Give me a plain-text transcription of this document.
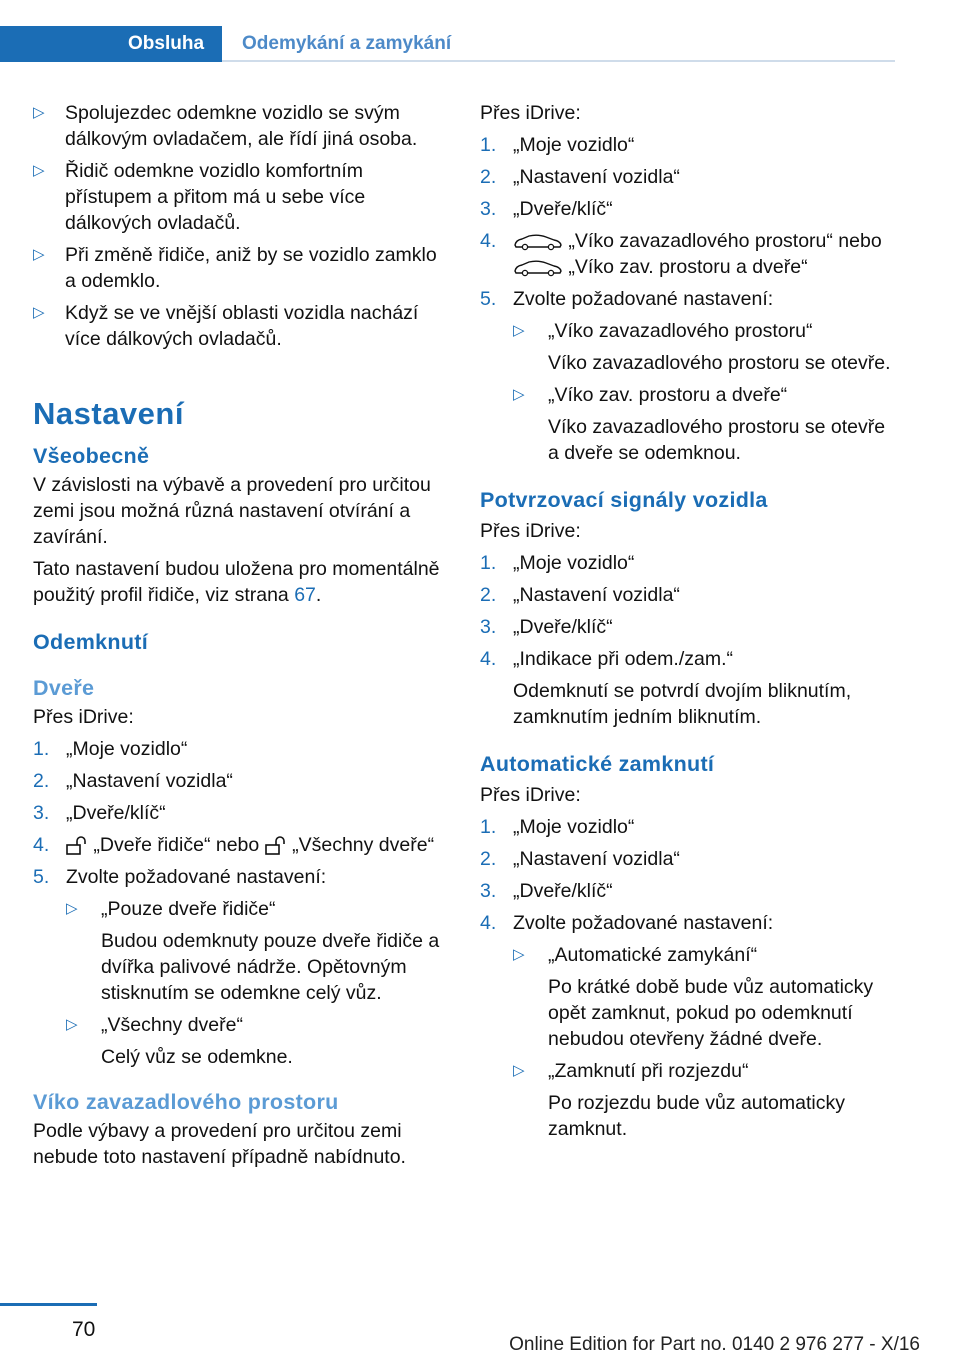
Obsluha	Odemykání a zamykání
▷ Spolujezdec odemkne vozidlo se svým dálkovým ovladačem, ale řídí jiná osoba.
▷ Řidič odemkne vozidlo komfortním přístupem a přitom má u sebe více dálkových ovladačů.
▷ Při změně řidiče, aniž by se vozidlo zamklo a odemklo.
▷ Když se ve vnější oblasti vozidla nachází více dálkových ovladačů.
Nastavení
Všeobecně

V závislosti na výbavě a provedení pro určitou zemi jsou možná různá nastavení otvírání a zavírání.

Tato nastavení budou uložena pro momentálně použitý profil řidiče, viz strana 67.

Odemknutí
Dveře

Přes iDrive:

1. „Moje vozidlo“
2. „Nastavení vozidla“
3. „Dveře/klíč“
4. „Dveře řidiče“ nebo „Všechny dveře“
5. Zvolte požadované nastavení:
▷ „Pouze dveře řidiče“
Budou odemknuty pouze dveře řidiče a dvířka palivové nádrže. Opětovným stisknutím se odemkne celý vůz.
▷ „Všechny dveře“
Celý vůz se odemkne.
Víko zavazadlového prostoru

Podle výbavy a provedení pro určitou zemi nebude toto nastavení případně nabídnuto.

Přes iDrive:

1. „Moje vozidlo“
2. „Nastavení vozidla“
3. „Dveře/klíč“
4.	„Víko zavazadlového prostoru“ nebo
„Víko zav. prostoru a dveře“
5. Zvolte požadované nastavení:
▷ „Víko zavazadlového prostoru“
Víko zavazadlového prostoru se otevře.
▷ „Víko zav. prostoru a dveře“
Víko zavazadlového prostoru se otevře a dveře se odemknou.
Potvrzovací signály vozidla

Přes iDrive:

1. „Moje vozidlo“
2. „Nastavení vozidla“
3. „Dveře/klíč“
4. „Indikace při odem./zam.“
Odemknutí se potvrdí dvojím bliknutím, zamknutím jedním bliknutím.
Automatické zamknutí

Přes iDrive:

1. „Moje vozidlo“
2. „Nastavení vozidla“
3. „Dveře/klíč“
4. Zvolte požadované nastavení:
▷ „Automatické zamykání“
Po krátké době bude vůz automaticky opět zamknut, pokud po odemknutí nebudou otevřeny žádné dveře.
▷ „Zamknutí při rozjezdu“
Po rozjezdu bude vůz automaticky zamknut.
70
Online Edition for Part no. 0140 2 976 277 - X/16
